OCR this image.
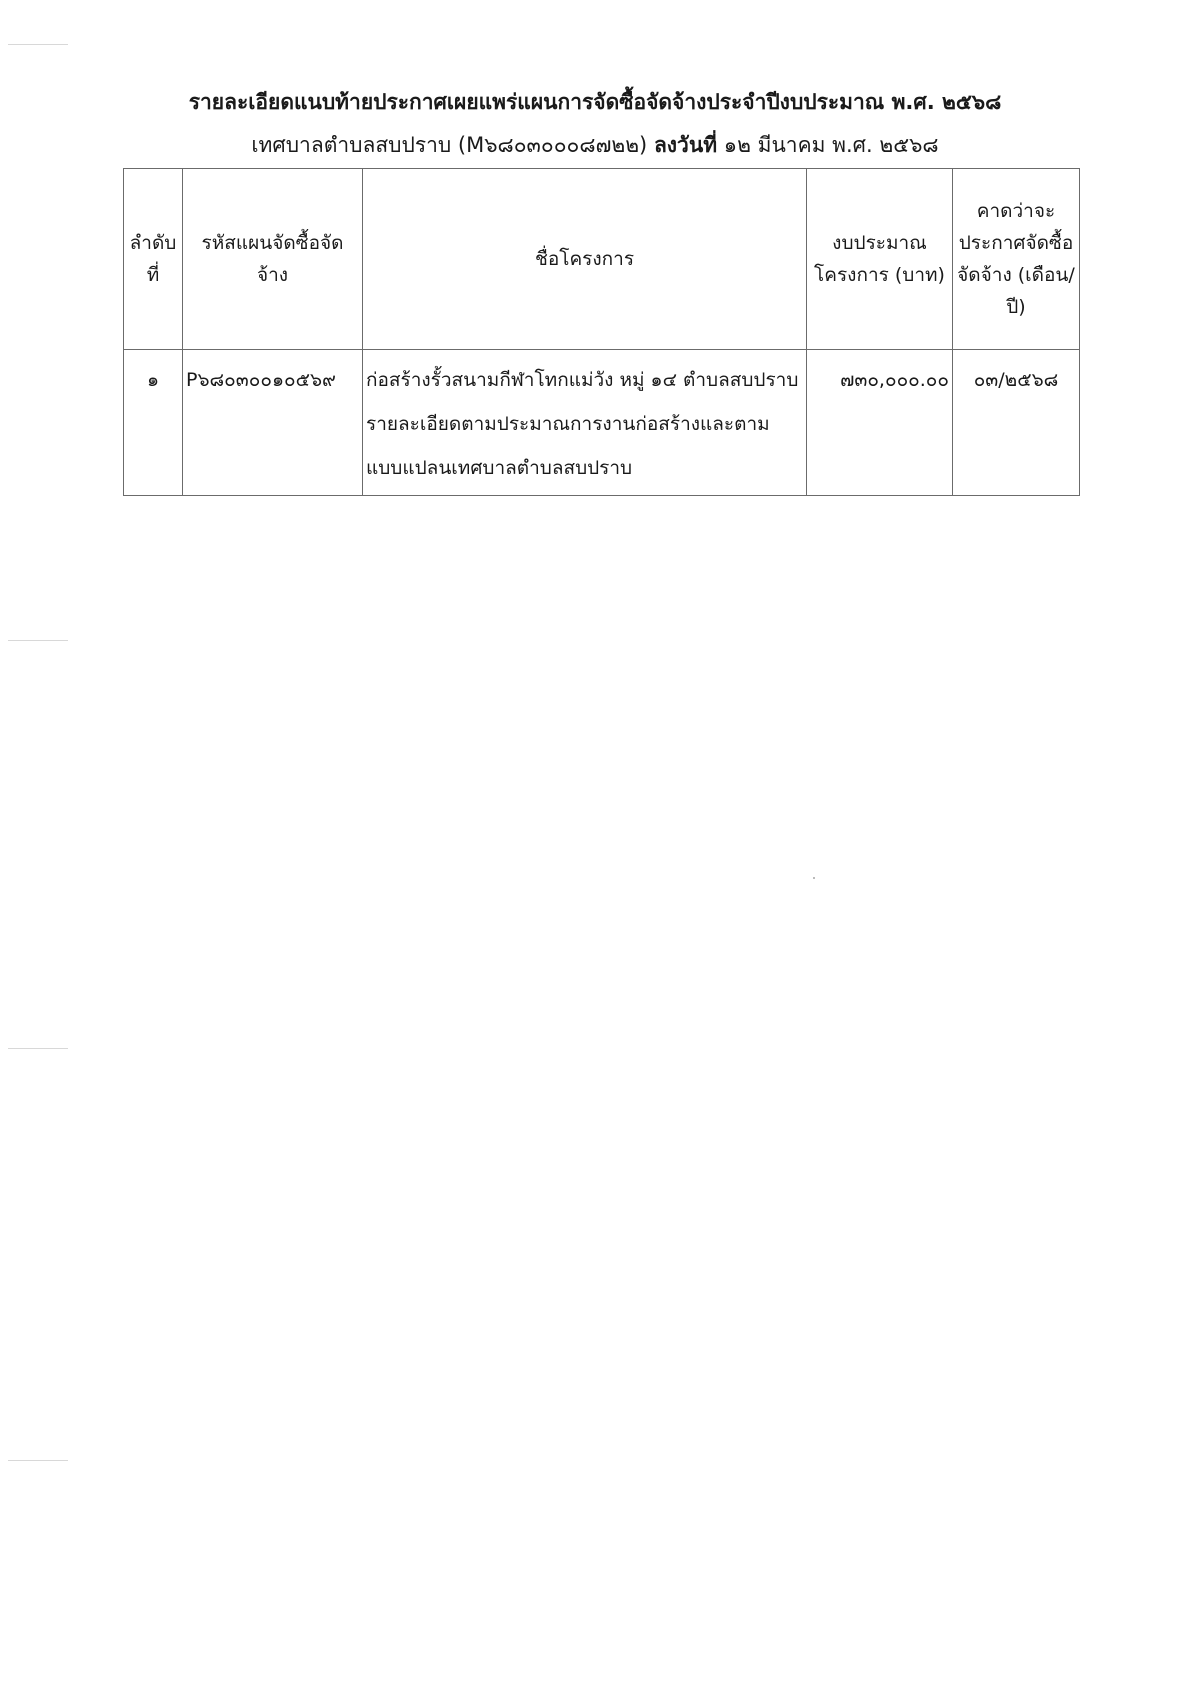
รายละเอียดแนบท้ายประกาศเผยแพร่แผนการจัดซื้อจัดจ้างประจำปีงบประมาณ พ.ศ. ๒๕๖๘
เทศบาลตำบลสบปราบ (M๖๘๐๓๐๐๐๘๗๒๒) ลงวันที่ ๑๒ มีนาคม พ.ศ. ๒๕๖๘
ลำดับที่	รหัสแผนจัดซื้อจัดจ้าง	ชื่อโครงการ	งบประมาณโครงการ (บาท)	คาดว่าจะประกาศจัดซื้อจัดจ้าง (เดือน/ปี)
๑	P๖๘๐๓๐๐๑๐๕๖๙	ก่อสร้างรั้วสนามกีฬาโทกแม่วัง หมู่ ๑๔ ตำบลสบปราบ รายละเอียดตามประมาณการงานก่อสร้างและตามแบบแปลนเทศบาลตำบลสบปราบ	๗๓๐,๐๐๐.๐๐	๐๓/๒๕๖๘
